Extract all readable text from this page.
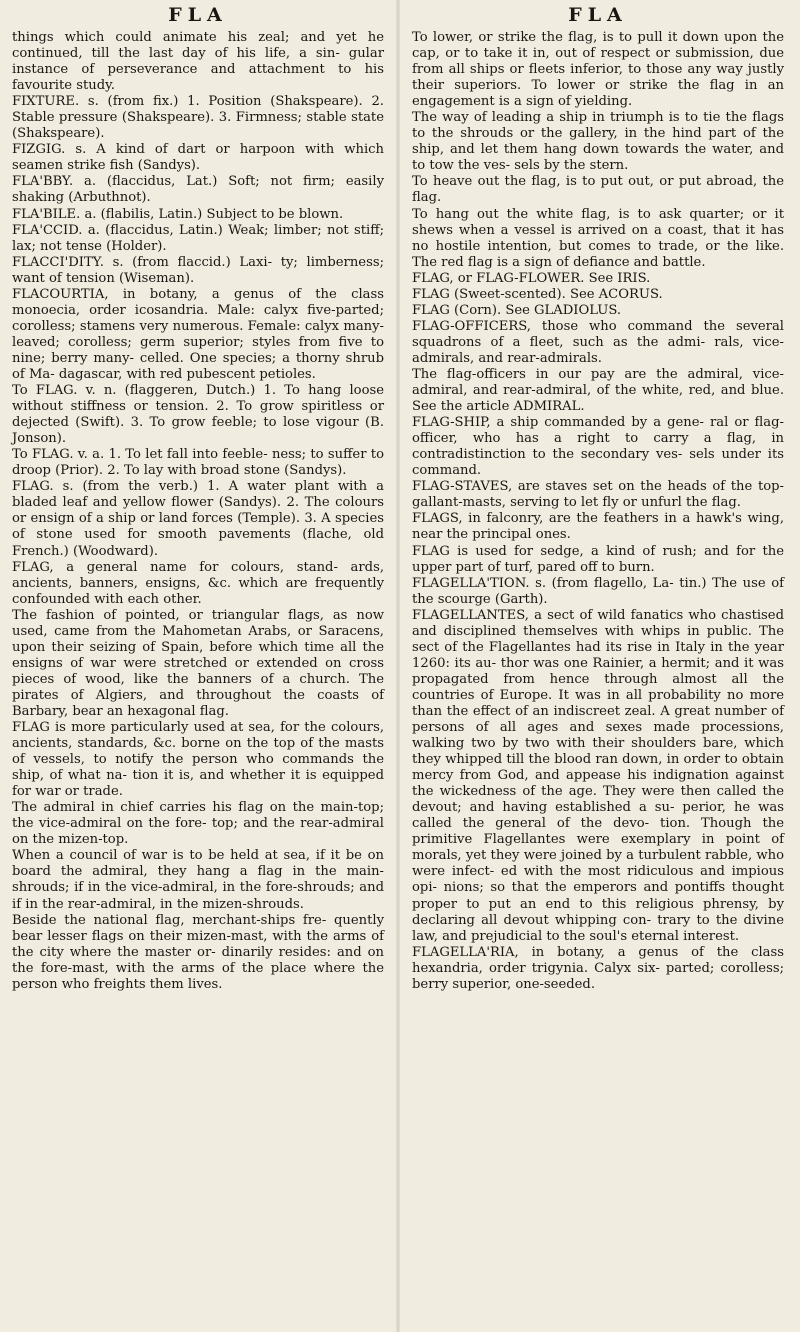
FLA

things which could animate his zeal; and yet he continued, till the last day of his life, a sin- gular instance of perseverance and attachment to his favourite study.

FIXTURE. s. (from fix.) 1. Position (Shakspeare). 2. Stable pressure (Shakspeare). 3. Firmness; stable state (Shakspeare).

FIZGIG. s. A kind of dart or harpoon with which seamen strike fish (Sandys).

FLA'BBY. a. (flaccidus, Lat.) Soft; not firm; easily shaking (Arbuthnot).

FLA'BILE. a. (flabilis, Latin.) Subject to be blown.

FLA'CCID. a. (flaccidus, Latin.) Weak; limber; not stiff; lax; not tense (Holder).

FLACCI'DITY. s. (from flaccid.) Laxi- ty; limberness; want of tension (Wiseman).

FLACOURTIA, in botany, a genus of the class monoecia, order icosandria. Male: calyx five-parted; corolless; stamens very numerous. Female: calyx many-leaved; corolless; germ superior; styles from five to nine; berry many- celled. One species; a thorny shrub of Ma- dagascar, with red pubescent petioles.

To FLAG. v. n. (flaggeren, Dutch.) 1. To hang loose without stiffness or tension. 2. To grow spiritless or dejected (Swift). 3. To grow feeble; to lose vigour (B. Jonson).

To FLAG. v. a. 1. To let fall into feeble- ness; to suffer to droop (Prior). 2. To lay with broad stone (Sandys).

FLAG. s. (from the verb.) 1. A water plant with a bladed leaf and yellow flower (Sandys). 2. The colours or ensign of a ship or land forces (Temple). 3. A species of stone used for smooth pavements (flache, old French.) (Woodward).

FLAG, a general name for colours, stand- ards, ancients, banners, ensigns, &c. which are frequently confounded with each other.

The fashion of pointed, or triangular flags, as now used, came from the Mahometan Arabs, or Saracens, upon their seizing of Spain, before which time all the ensigns of war were stretched or extended on cross pieces of wood, like the banners of a church. The pirates of Algiers, and throughout the coasts of Barbary, bear an hexagonal flag.

FLAG is more particularly used at sea, for the colours, ancients, standards, &c. borne on the top of the masts of vessels, to notify the person who commands the ship, of what na- tion it is, and whether it is equipped for war or trade.

The admiral in chief carries his flag on the main-top; the vice-admiral on the fore- top; and the rear-admiral on the mizen-top.

When a council of war is to be held at sea, if it be on board the admiral, they hang a flag in the main-shrouds; if in the vice-admiral, in the fore-shrouds; and if in the rear-admiral, in the mizen-shrouds.

Beside the national flag, merchant-ships fre- quently bear lesser flags on their mizen-mast, with the arms of the city where the master or- dinarily resides: and on the fore-mast, with the arms of the place where the person who freights them lives.

FLA

To lower, or strike the flag, is to pull it down upon the cap, or to take it in, out of respect or submission, due from all ships or fleets inferior, to those any way justly their superiors. To lower or strike the flag in an engagement is a sign of yielding.

The way of leading a ship in triumph is to tie the flags to the shrouds or the gallery, in the hind part of the ship, and let them hang down towards the water, and to tow the ves- sels by the stern.

To heave out the flag, is to put out, or put abroad, the flag.

To hang out the white flag, is to ask quarter; or it shews when a vessel is arrived on a coast, that it has no hostile intention, but comes to trade, or the like. The red flag is a sign of defiance and battle.

FLAG, or FLAG-FLOWER. See IRIS.

FLAG (Sweet-scented). See ACORUS.

FLAG (Corn). See GLADIOLUS.

FLAG-OFFICERS, those who command the several squadrons of a fleet, such as the admi- rals, vice-admirals, and rear-admirals.

The flag-officers in our pay are the admiral, vice-admiral, and rear-admiral, of the white, red, and blue. See the article ADMIRAL.

FLAG-SHIP, a ship commanded by a gene- ral or flag-officer, who has a right to carry a flag, in contradistinction to the secondary ves- sels under its command.

FLAG-STAVES, are staves set on the heads of the top-gallant-masts, serving to let fly or unfurl the flag.

FLAGS, in falconry, are the feathers in a hawk's wing, near the principal ones.

FLAG is used for sedge, a kind of rush; and for the upper part of turf, pared off to burn.

FLAGELLA'TION. s. (from flagello, La- tin.) The use of the scourge (Garth).

FLAGELLANTES, a sect of wild fanatics who chastised and disciplined themselves with whips in public. The sect of the Flagellantes had its rise in Italy in the year 1260: its au- thor was one Rainier, a hermit; and it was propagated from hence through almost all the countries of Europe. It was in all probability no more than the effect of an indiscreet zeal. A great number of persons of all ages and sexes made processions, walking two by two with their shoulders bare, which they whipped till the blood ran down, in order to obtain mercy from God, and appease his indignation against the wickedness of the age. They were then called the devout; and having established a su- perior, he was called the general of the devo- tion. Though the primitive Flagellantes were exemplary in point of morals, yet they were joined by a turbulent rabble, who were infect- ed with the most ridiculous and impious opi- nions; so that the emperors and pontiffs thought proper to put an end to this religious phrensy, by declaring all devout whipping con- trary to the divine law, and prejudicial to the soul's eternal interest.

FLAGELLA'RIA, in botany, a genus of the class hexandria, order trigynia. Calyx six- parted; corolless; berry superior, one-seeded.
